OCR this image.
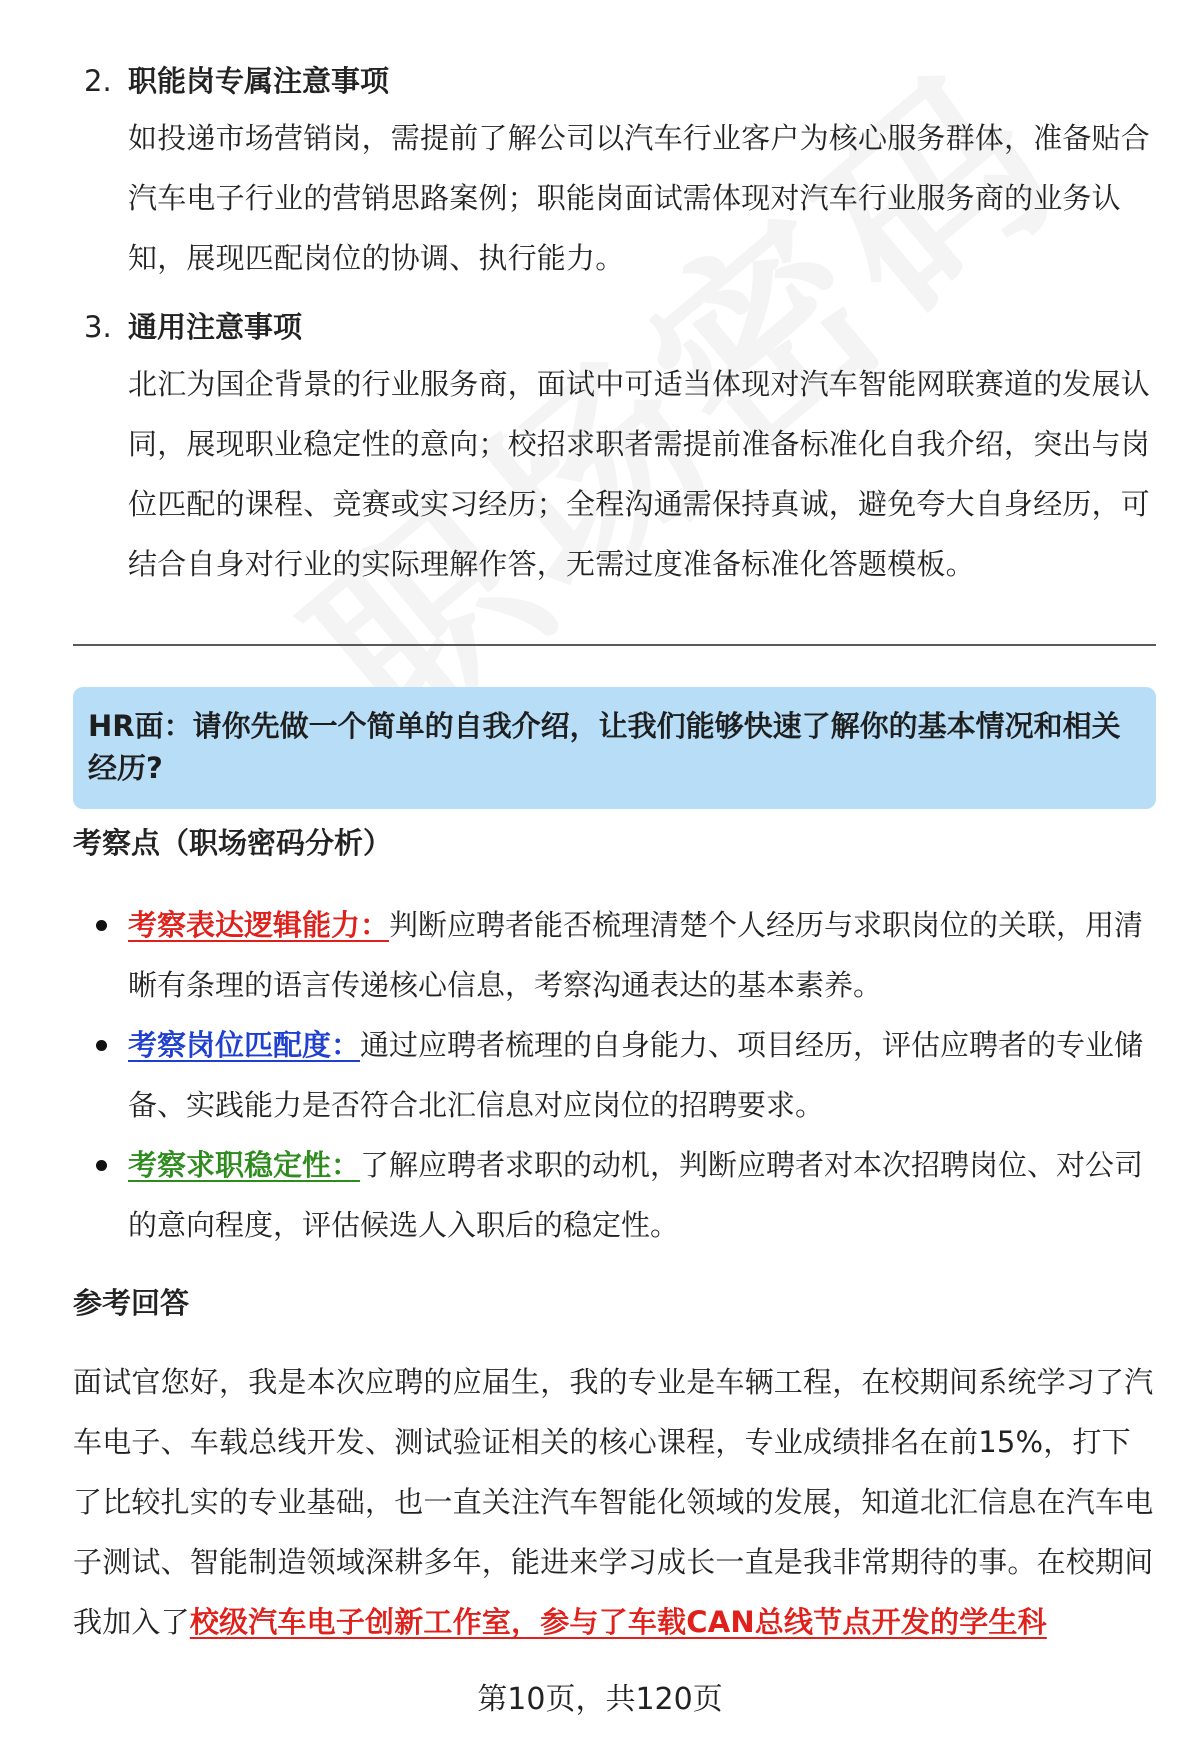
2. 职能岗专属注意事项
如投递市场营销岗，需提前了解公司以汽车行业客户为核心服务群体，准备贴合汽车电子行业的营销思路案例；职能岗面试需体现对汽车行业服务商的业务认知，展现匹配岗位的协调、执行能力。
3. 通用注意事项
北汇为国企背景的行业服务商，面试中可适当体现对汽车智能网联赛道的发展认同，展现职业稳定性的意向；校招求职者需提前准备标准化自我介绍，突出与岗位匹配的课程、竞赛或实习经历；全程沟通需保持真诚，避免夸大自身经历，可结合自身对行业的实际理解作答，无需过度准备标准化答题模板。
HR面：请你先做一个简单的自我介绍，让我们能够快速了解你的基本情况和相关经历?
考察点（职场密码分析）
考察表达逻辑能力：判断应聘者能否梳理清楚个人经历与求职岗位的关联，用清晰有条理的语言传递核心信息，考察沟通表达的基本素养。
考察岗位匹配度：通过应聘者梳理的自身能力、项目经历，评估应聘者的专业储备、实践能力是否符合北汇信息对应岗位的招聘要求。
考察求职稳定性：了解应聘者求职的动机，判断应聘者对本次招聘岗位、对公司的意向程度，评估候选人入职后的稳定性。
参考回答
面试官您好，我是本次应聘的应届生，我的专业是车辆工程，在校期间系统学习了汽车电子、车载总线开发、测试验证相关的核心课程，专业成绩排名在前15%，打下了比较扎实的专业基础，也一直关注汽车智能化领域的发展，知道北汇信息在汽车电子测试、智能制造领域深耕多年，能进来学习成长一直是我非常期待的事。在校期间我加入了校级汽车电子创新工作室，参与了车载CAN总线节点开发的学生科
第10页，共120页
